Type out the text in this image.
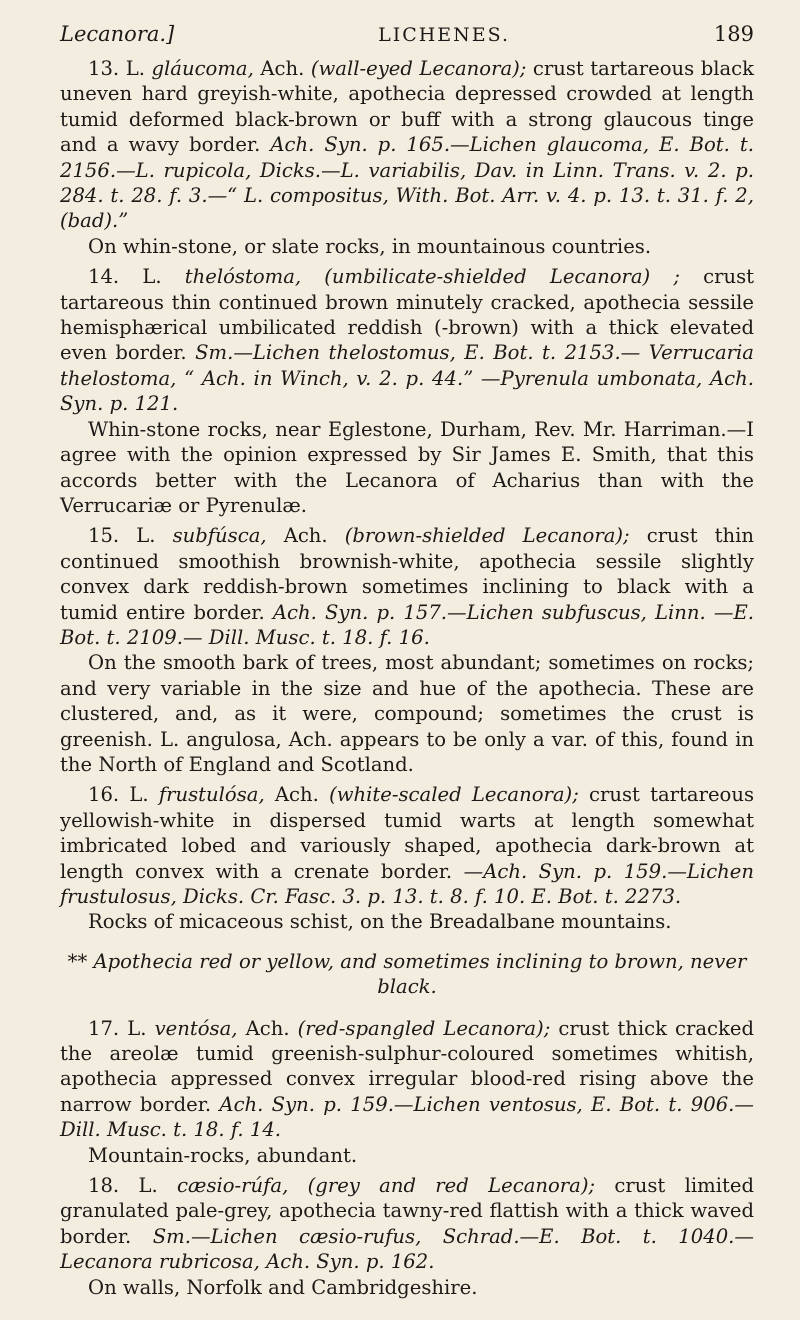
Lecanora.]	LICHENES.	189

13. L. gláucoma, Ach. (wall-eyed Lecanora); crust tartareous black uneven hard greyish-white, apothecia depressed crowded at length tumid deformed black-brown or buff with a strong glaucous tinge and a wavy border. Ach. Syn. p. 165.—Lichen glaucoma, E. Bot. t. 2156.—L. rupicola, Dicks.—L. variabilis, Dav. in Linn. Trans. v. 2. p. 284. t. 28. f. 3.—“ L. compositus, With. Bot. Arr. v. 4. p. 13. t. 31. f. 2, (bad).”

On whin-stone, or slate rocks, in mountainous countries.

14. L. thelóstoma, (umbilicate-shielded Lecanora) ; crust tartareous thin continued brown minutely cracked, apothecia sessile hemisphærical umbilicated reddish (-brown) with a thick elevated even border. Sm.—Lichen thelostomus, E. Bot. t. 2153.— Verrucaria thelostoma, “ Ach. in Winch, v. 2. p. 44.” —Pyrenula umbonata, Ach. Syn. p. 121.

Whin-stone rocks, near Eglestone, Durham, Rev. Mr. Harriman.—I agree with the opinion expressed by Sir James E. Smith, that this accords better with the Lecanora of Acharius than with the Verrucariæ or Pyrenulæ.

15. L. subfúsca, Ach. (brown-shielded Lecanora); crust thin continued smoothish brownish-white, apothecia sessile slightly convex dark reddish-brown sometimes inclining to black with a tumid entire border. Ach. Syn. p. 157.—Lichen subfuscus, Linn. —E. Bot. t. 2109.— Dill. Musc. t. 18. f. 16.

On the smooth bark of trees, most abundant; sometimes on rocks; and very variable in the size and hue of the apothecia. These are clustered, and, as it were, compound; sometimes the crust is greenish. L. angulosa, Ach. appears to be only a var. of this, found in the North of England and Scotland.

16. L. frustulósa, Ach. (white-scaled Lecanora); crust tartareous yellowish-white in dispersed tumid warts at length somewhat imbricated lobed and variously shaped, apothecia dark-brown at length convex with a crenate border. —Ach. Syn. p. 159.—Lichen frustulosus, Dicks. Cr. Fasc. 3. p. 13. t. 8. f. 10. E. Bot. t. 2273.

Rocks of micaceous schist, on the Breadalbane mountains.

** Apothecia red or yellow, and sometimes inclining to brown, never black.

17. L. ventósa, Ach. (red-spangled Lecanora); crust thick cracked the areolæ tumid greenish-sulphur-coloured sometimes whitish, apothecia appressed convex irregular blood-red rising above the narrow border. Ach. Syn. p. 159.—Lichen ventosus, E. Bot. t. 906.—Dill. Musc. t. 18. f. 14.

Mountain-rocks, abundant.

18. L. cæsio-rúfa, (grey and red Lecanora); crust limited granulated pale-grey, apothecia tawny-red flattish with a thick waved border. Sm.—Lichen cæsio-rufus, Schrad.—E. Bot. t. 1040.—Lecanora rubricosa, Ach. Syn. p. 162.

On walls, Norfolk and Cambridgeshire.
